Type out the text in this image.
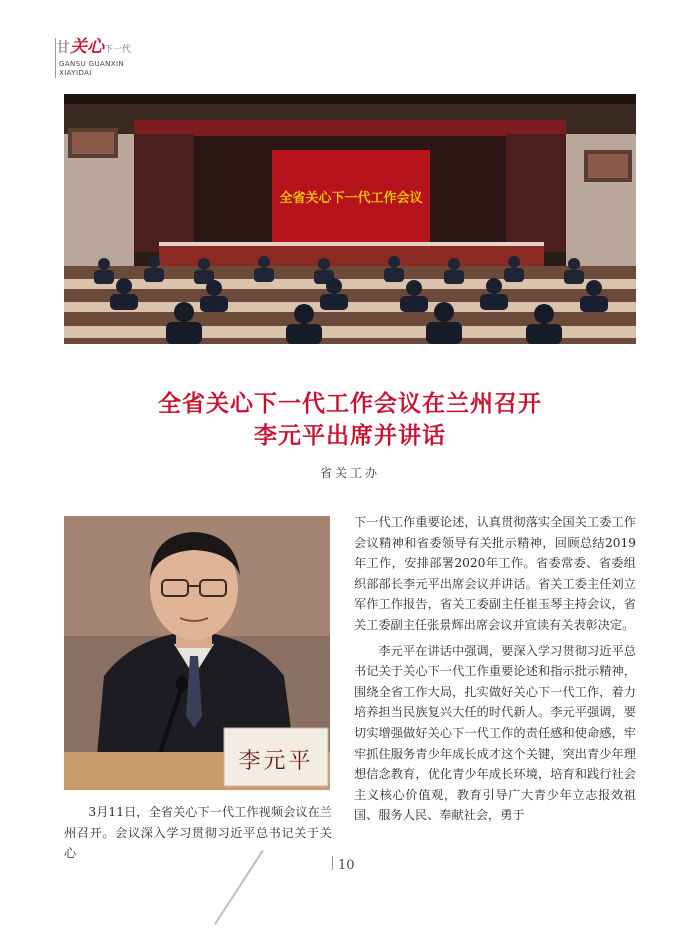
甘关心下一代
GANSU GUANXIN
XIAYIDAI
全省关心下一代工作会议
全省关心下一代工作会议在兰州召开
李元平出席并讲话
省关工办
李元平

3月11日，全省关心下一代工作视频会议在兰州召开。会议深入学习贯彻习近平总书记关于关心

下一代工作重要论述，认真贯彻落实全国关工委工作会议精神和省委领导有关批示精神，回顾总结2019年工作，安排部署2020年工作。省委常委、省委组织部部长李元平出席会议并讲话。省关工委主任刘立军作工作报告，省关工委副主任崔玉琴主持会议，省关工委副主任张景辉出席会议并宣读有关表彰决定。

李元平在讲话中强调，要深入学习贯彻习近平总书记关于关心下一代工作重要论述和指示批示精神，围绕全省工作大局，扎实做好关心下一代工作，着力培养担当民族复兴大任的时代新人。李元平强调，要切实增强做好关心下一代工作的责任感和使命感，牢牢抓住服务青少年成长成才这个关键，突出青少年理想信念教育，优化青少年成长环境，培育和践行社会主义核心价值观，教育引导广大青少年立志报效祖国、服务人民、奉献社会，勇于

10
